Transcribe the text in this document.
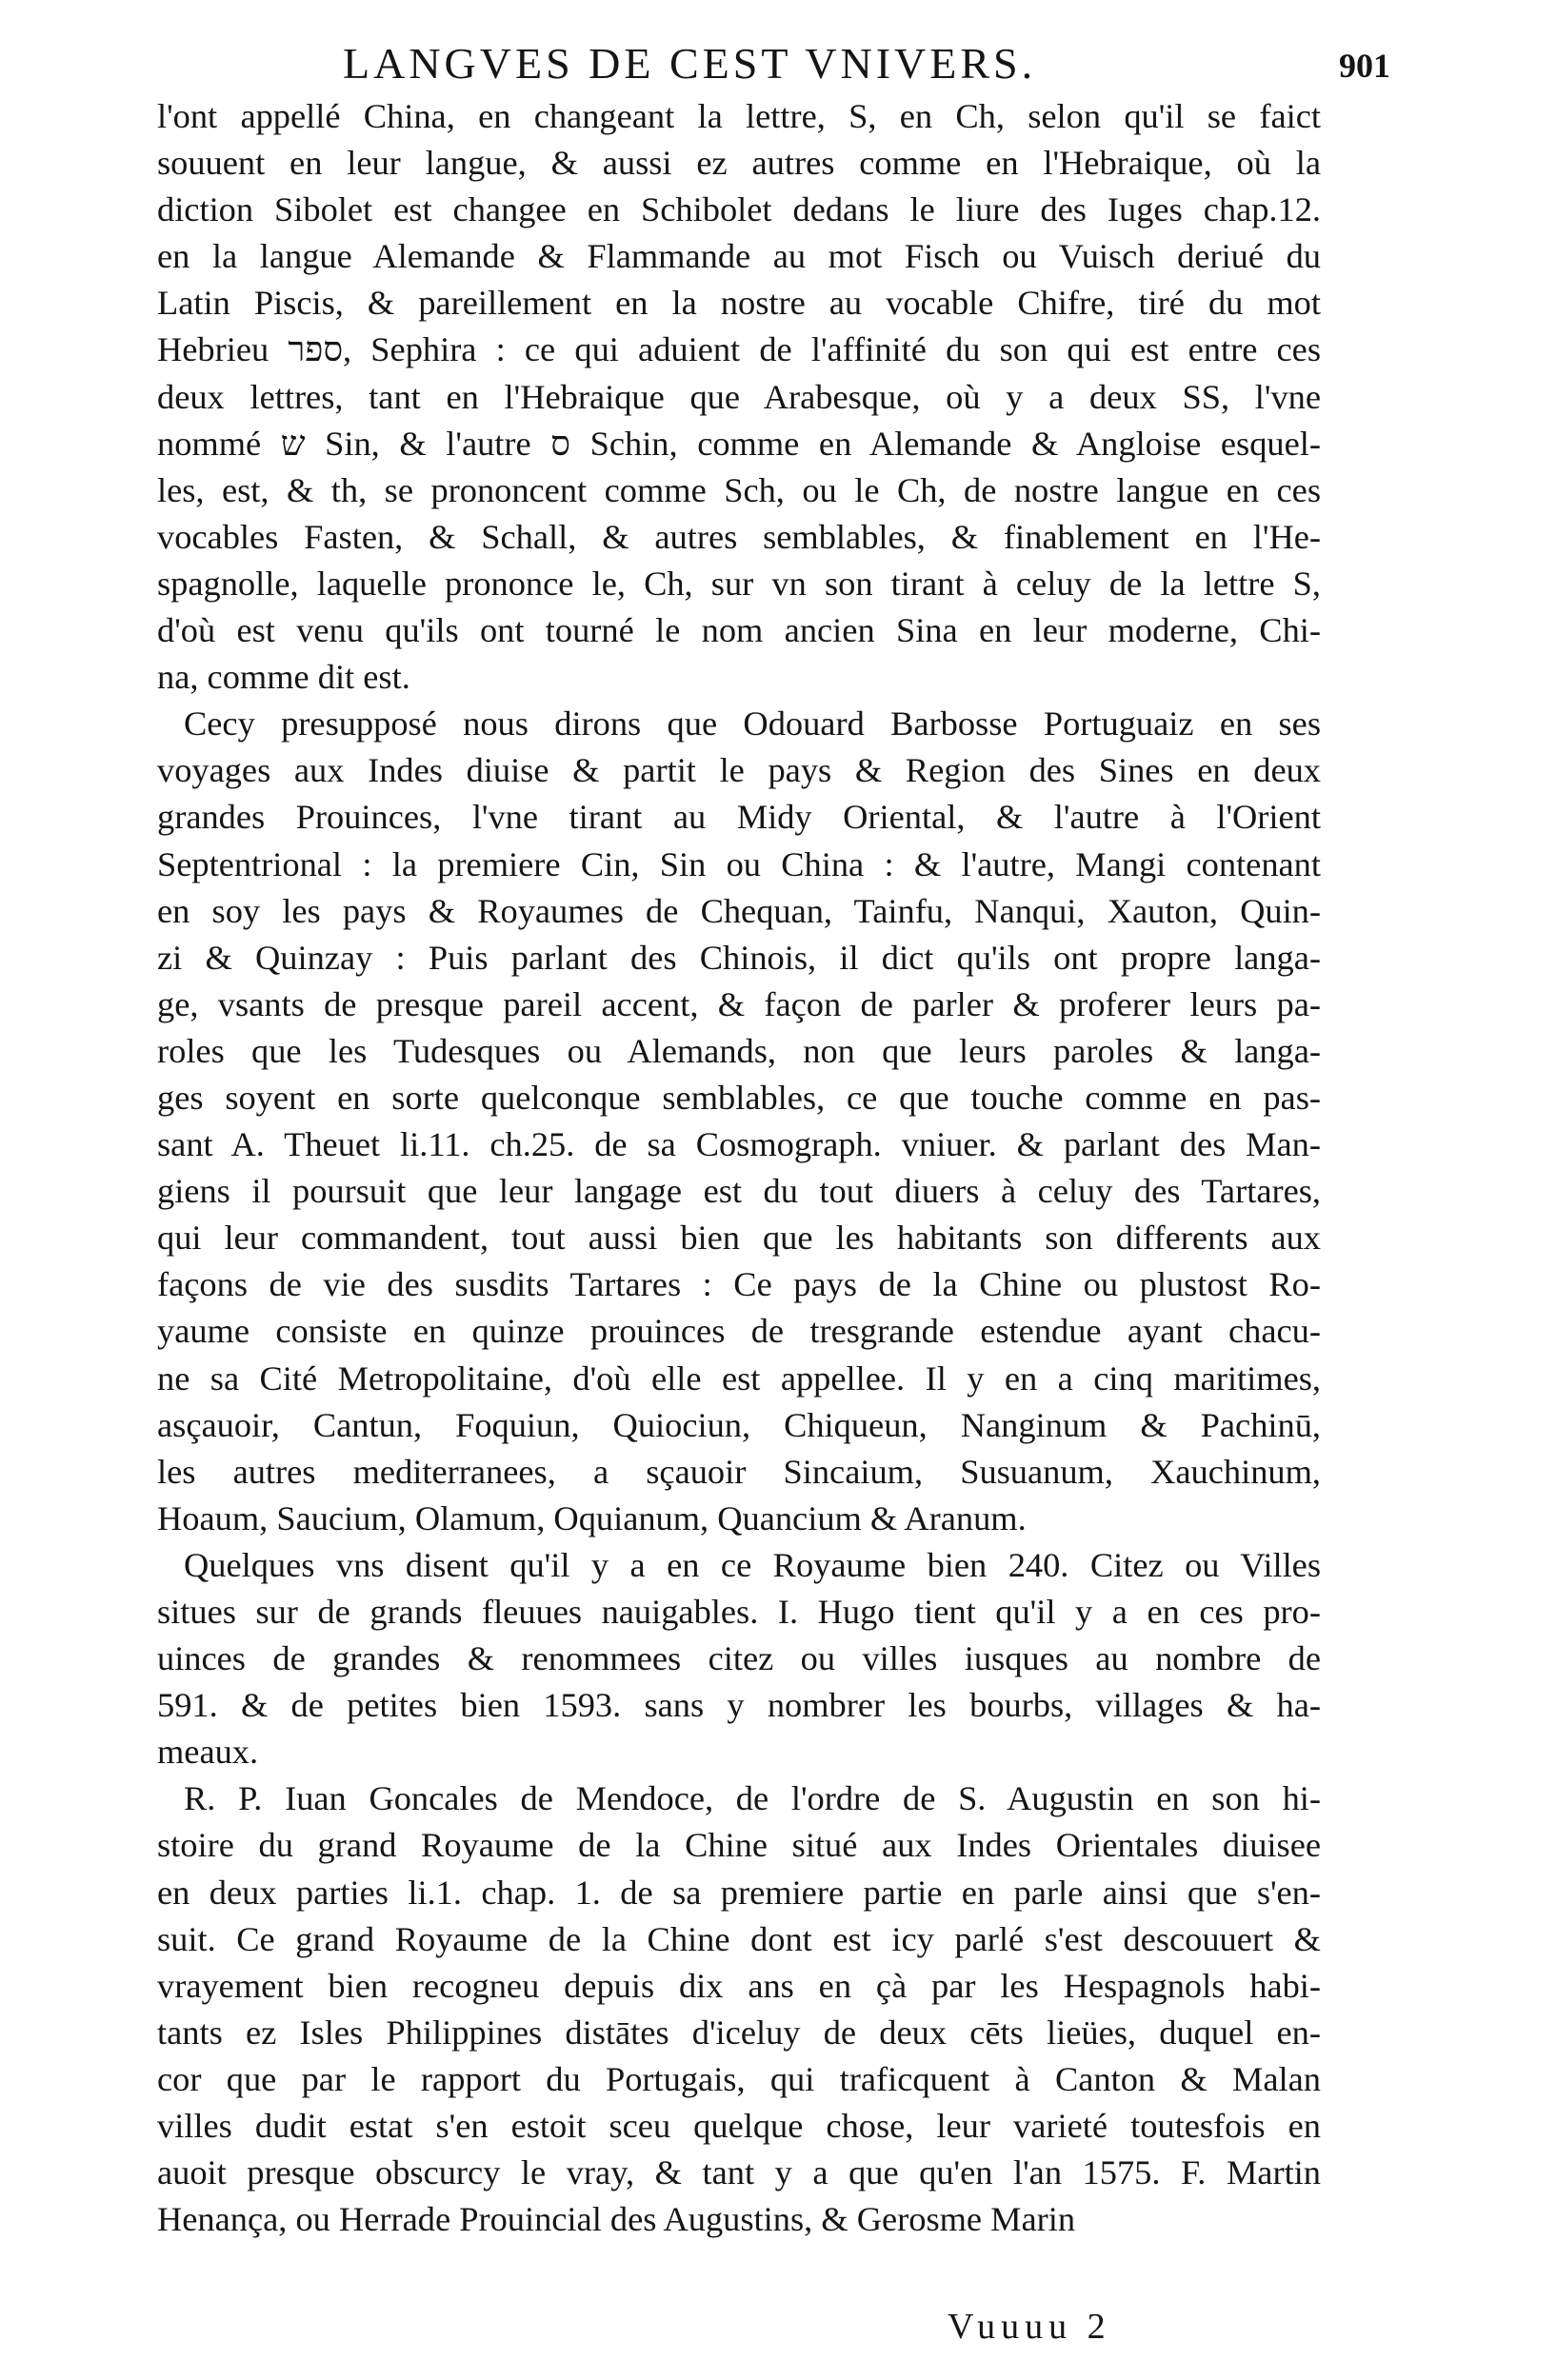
LANGVES DE CEST VNIVERS.	901
l'ont appellé China, en changeant la lettre, S, en Ch, selon qu'il se faict
souuent en leur langue, & aussi ez autres comme en l'Hebraique, où la
diction Sibolet est changee en Schibolet dedans le liure des Iuges chap.12.
en la langue Alemande & Flammande au mot Fisch ou Vuisch deriué du
Latin Piscis, & pareillement en la nostre au vocable Chifre, tiré du mot
Hebrieu ספר, Sephira : ce qui aduient de l'affinité du son qui est entre ces
deux lettres, tant en l'Hebraique que Arabesque, où y a deux SS, l'vne
nommé ש Sin, & l'autre ס Schin, comme en Alemande & Angloise esquel-
les, est, & th, se prononcent comme Sch, ou le Ch, de nostre langue en ces
vocables Fasten, & Schall, & autres semblables, & finablement en l'He-
spagnolle, laquelle prononce le, Ch, sur vn son tirant à celuy de la lettre S,
d'où est venu qu'ils ont tourné le nom ancien Sina en leur moderne, Chi-
na, comme dit est.
Cecy presupposé nous dirons que Odouard Barbosse Portuguaiz en ses
voyages aux Indes diuise & partit le pays & Region des Sines en deux
grandes Prouinces, l'vne tirant au Midy Oriental, & l'autre à l'Orient
Septentrional : la premiere Cin, Sin ou China : & l'autre, Mangi contenant
en soy les pays & Royaumes de Chequan, Tainfu, Nanqui, Xauton, Quin-
zi & Quinzay : Puis parlant des Chinois, il dict qu'ils ont propre langa-
ge, vsants de presque pareil accent, & façon de parler & proferer leurs pa-
roles que les Tudesques ou Alemands, non que leurs paroles & langa-
ges soyent en sorte quelconque semblables, ce que touche comme en pas-
sant A. Theuet li.11. ch.25. de sa Cosmograph. vniuer. & parlant des Man-
giens il poursuit que leur langage est du tout diuers à celuy des Tartares,
qui leur commandent, tout aussi bien que les habitants son differents aux
façons de vie des susdits Tartares : Ce pays de la Chine ou plustost Ro-
yaume consiste en quinze prouinces de tresgrande estendue ayant chacu-
ne sa Cité Metropolitaine, d'où elle est appellee. Il y en a cinq maritimes,
asçauoir, Cantun, Foquiun, Quiociun, Chiqueun, Nanginum & Pachinū,
les autres mediterranees, a sçauoir Sincaium, Susuanum, Xauchinum,
Hoaum, Saucium, Olamum, Oquianum, Quancium & Aranum.
Quelques vns disent qu'il y a en ce Royaume bien 240. Citez ou Villes
situes sur de grands fleuues nauigables. I. Hugo tient qu'il y a en ces pro-
uinces de grandes & renommees citez ou villes iusques au nombre de
591. & de petites bien 1593. sans y nombrer les bourbs, villages & ha-
meaux.
R. P. Iuan Goncales de Mendoce, de l'ordre de S. Augustin en son hi-
stoire du grand Royaume de la Chine situé aux Indes Orientales diuisee
en deux parties li.1. chap. 1. de sa premiere partie en parle ainsi que s'en-
suit. Ce grand Royaume de la Chine dont est icy parlé s'est descouuert &
vrayement bien recogneu depuis dix ans en çà par les Hespagnols habi-
tants ez Isles Philippines distātes d'iceluy de deux cēts lieües, duquel en-
cor que par le rapport du Portugais, qui traficquent à Canton & Malan
villes dudit estat s'en estoit sceu quelque chose, leur varieté toutesfois en
auoit presque obscurcy le vray, & tant y a que qu'en l'an 1575. F. Martin
Henança, ou Herrade Prouincial des Augustins, & Gerosme Marin
Vuuuu 2
